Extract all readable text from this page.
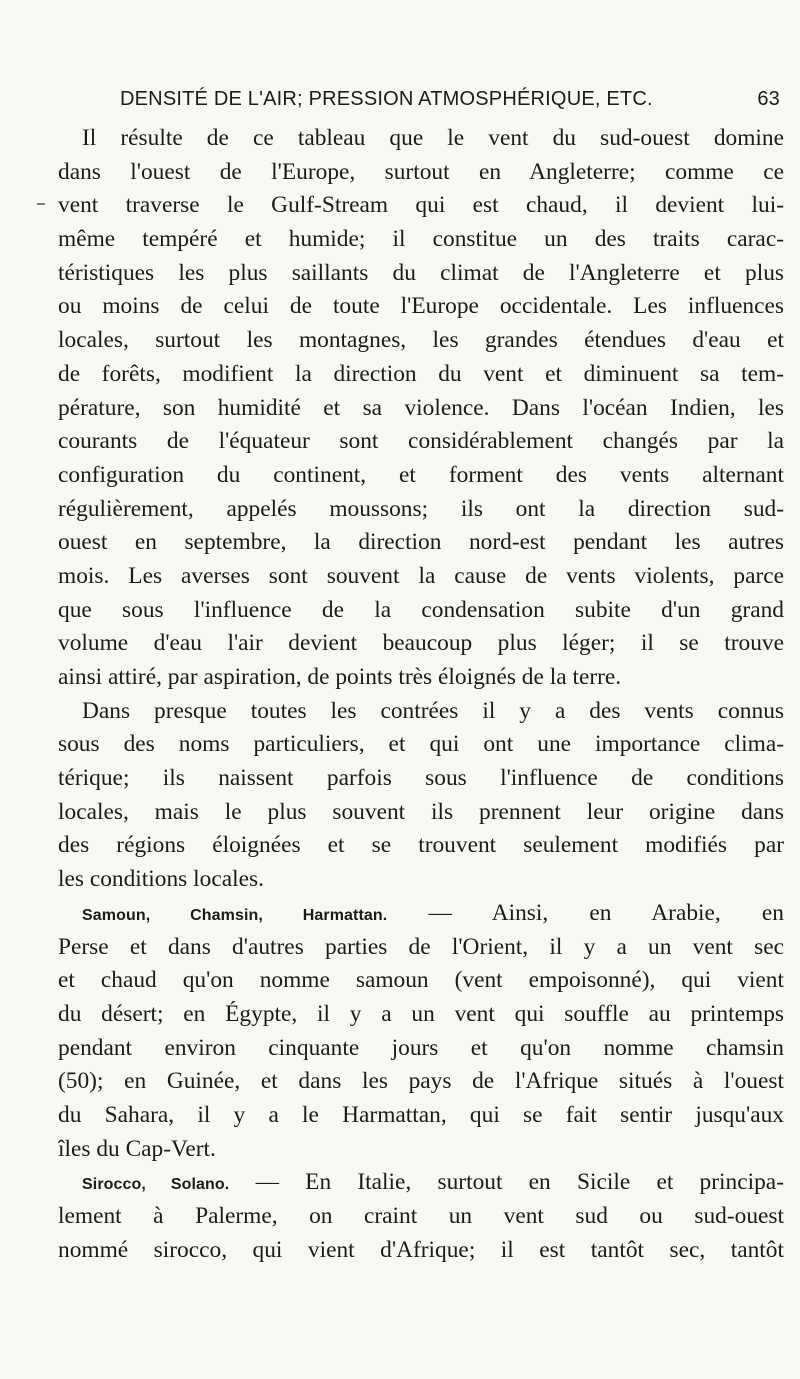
DENSITÉ DE L'AIR; PRESSION ATMOSPHÉRIQUE, ETC.	63
Il résulte de ce tableau que le vent du sud-ouest domine
dans l'ouest de l'Europe, surtout en Angleterre; comme ce
vent traverse le Gulf-Stream qui est chaud, il devient lui-
même tempéré et humide; il constitue un des traits carac-
téristiques les plus saillants du climat de l'Angleterre et plus
ou moins de celui de toute l'Europe occidentale. Les influences
locales, surtout les montagnes, les grandes étendues d'eau et
de forêts, modifient la direction du vent et diminuent sa tem-
pérature, son humidité et sa violence. Dans l'océan Indien, les
courants de l'équateur sont considérablement changés par la
configuration du continent, et forment des vents alternant
régulièrement, appelés moussons; ils ont la direction sud-
ouest en septembre, la direction nord-est pendant les autres
mois. Les averses sont souvent la cause de vents violents, parce
que sous l'influence de la condensation subite d'un grand
volume d'eau l'air devient beaucoup plus léger; il se trouve
ainsi attiré, par aspiration, de points très éloignés de la terre.
Dans presque toutes les contrées il y a des vents connus
sous des noms particuliers, et qui ont une importance clima-
térique; ils naissent parfois sous l'influence de conditions
locales, mais le plus souvent ils prennent leur origine dans
des régions éloignées et se trouvent seulement modifiés par
les conditions locales.
Samoun, Chamsin, Harmattan. — Ainsi, en Arabie, en
Perse et dans d'autres parties de l'Orient, il y a un vent sec
et chaud qu'on nomme samoun (vent empoisonné), qui vient
du désert; en Égypte, il y a un vent qui souffle au printemps
pendant environ cinquante jours et qu'on nomme chamsin
(50); en Guinée, et dans les pays de l'Afrique situés à l'ouest
du Sahara, il y a le Harmattan, qui se fait sentir jusqu'aux
îles du Cap-Vert.
Sirocco, Solano. — En Italie, surtout en Sicile et principa-
lement à Palerme, on craint un vent sud ou sud-ouest
nommé sirocco, qui vient d'Afrique; il est tantôt sec, tantôt
